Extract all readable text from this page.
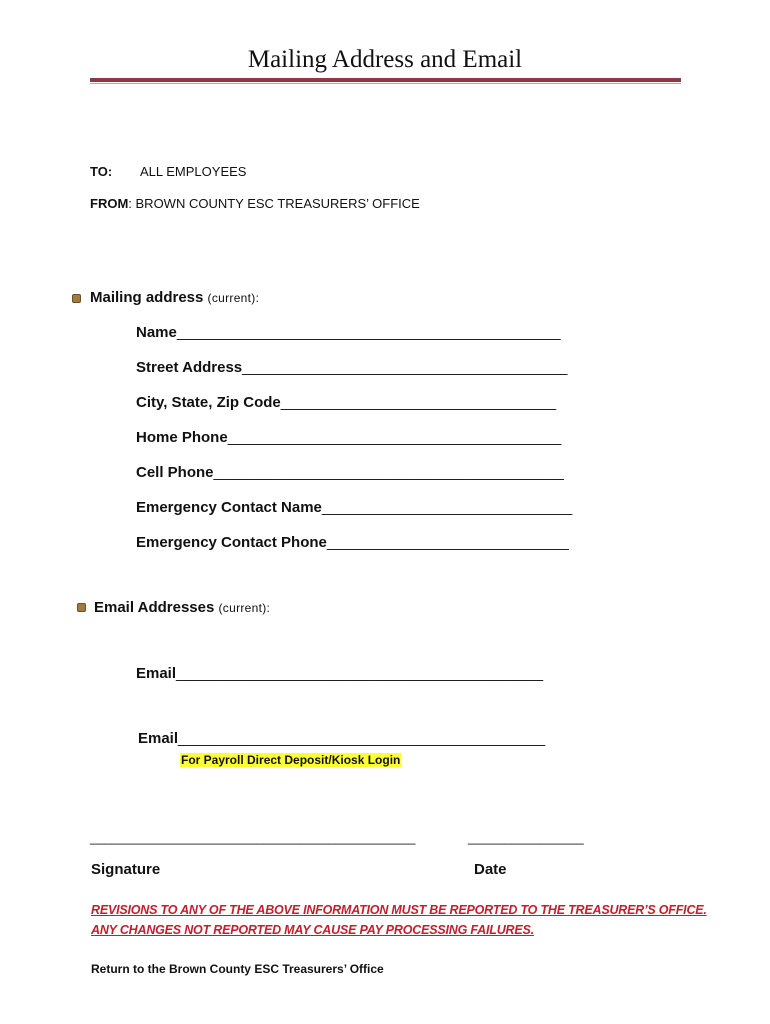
Mailing Address and Email
TO: ALL EMPLOYEES
FROM: BROWN COUNTY ESC TREASURERS’ OFFICE
Mailing address (current):
Name______________________________________________
Street Address_______________________________________
City, State, Zip Code_________________________________
Home Phone________________________________________
Cell Phone__________________________________________
Emergency Contact Name______________________________
Emergency Contact Phone_____________________________
Email Addresses (current):
Email____________________________________________
Email____________________________________________
For Payroll Direct Deposit/Kiosk Login
_____________________________________________	________________
Signature	Date
REVISIONS TO ANY OF THE ABOVE INFORMATION MUST BE REPORTED TO THE TREASURER’S OFFICE.
ANY CHANGES NOT REPORTED MAY CAUSE PAY PROCESSING FAILURES.
Return to the Brown County ESC Treasurers’ Office
